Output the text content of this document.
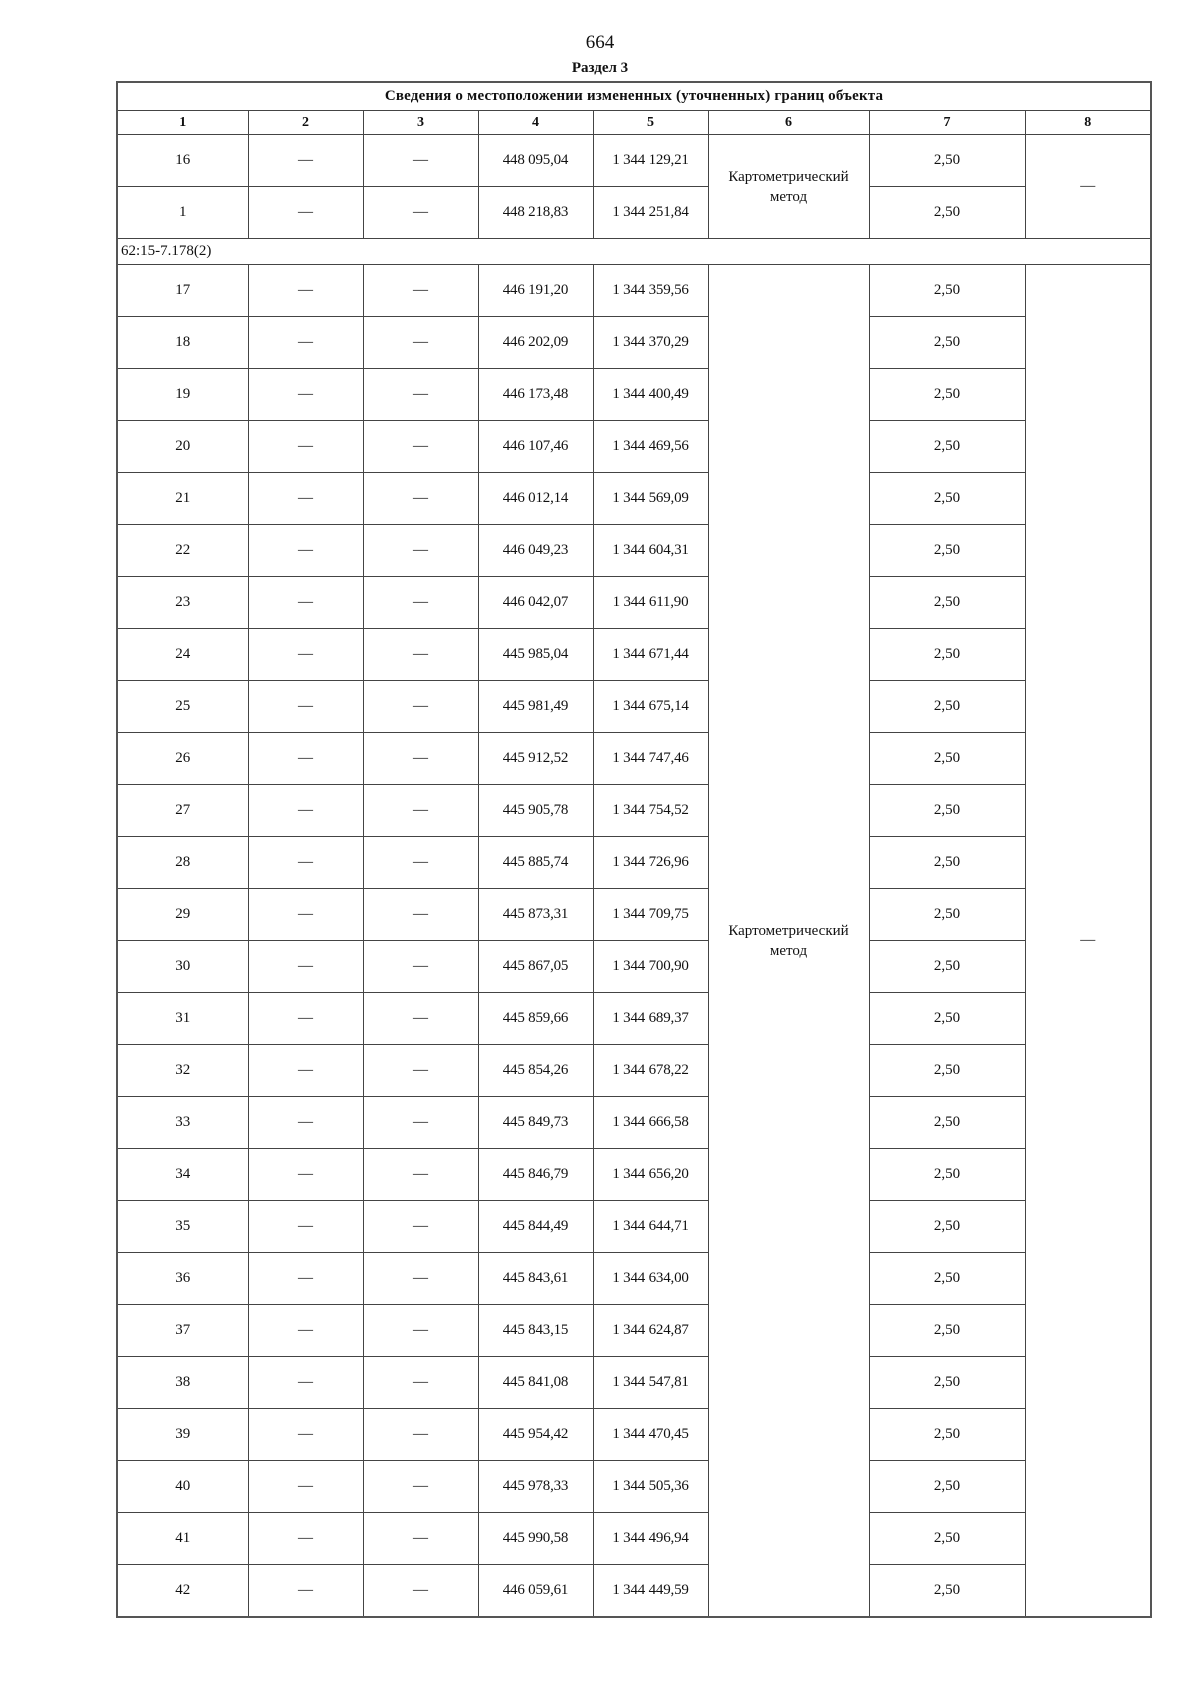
664
Раздел 3
Сведения о местоположении измененных (уточненных) границ объекта							
1	2	3	4	5	6	7	8
16	—	—	448 095,04	1 344 129,21	Картометрический метод	2,50	—
1	—	—	448 218,83	1 344 251,84		2,50	
62:15-7.178(2)							
17	—	—	446 191,20	1 344 359,56	Картометрический метод	2,50	—
18	—	—	446 202,09	1 344 370,29		2,50	
19	—	—	446 173,48	1 344 400,49		2,50	
20	—	—	446 107,46	1 344 469,56		2,50	
21	—	—	446 012,14	1 344 569,09		2,50	
22	—	—	446 049,23	1 344 604,31		2,50	
23	—	—	446 042,07	1 344 611,90		2,50	
24	—	—	445 985,04	1 344 671,44		2,50	
25	—	—	445 981,49	1 344 675,14		2,50	
26	—	—	445 912,52	1 344 747,46		2,50	
27	—	—	445 905,78	1 344 754,52		2,50	
28	—	—	445 885,74	1 344 726,96		2,50	
29	—	—	445 873,31	1 344 709,75		2,50	
30	—	—	445 867,05	1 344 700,90		2,50	
31	—	—	445 859,66	1 344 689,37		2,50	
32	—	—	445 854,26	1 344 678,22		2,50	
33	—	—	445 849,73	1 344 666,58		2,50	
34	—	—	445 846,79	1 344 656,20		2,50	
35	—	—	445 844,49	1 344 644,71		2,50	
36	—	—	445 843,61	1 344 634,00		2,50	
37	—	—	445 843,15	1 344 624,87		2,50	
38	—	—	445 841,08	1 344 547,81		2,50	
39	—	—	445 954,42	1 344 470,45		2,50	
40	—	—	445 978,33	1 344 505,36		2,50	
41	—	—	445 990,58	1 344 496,94		2,50	
42	—	—	446 059,61	1 344 449,59		2,50	
